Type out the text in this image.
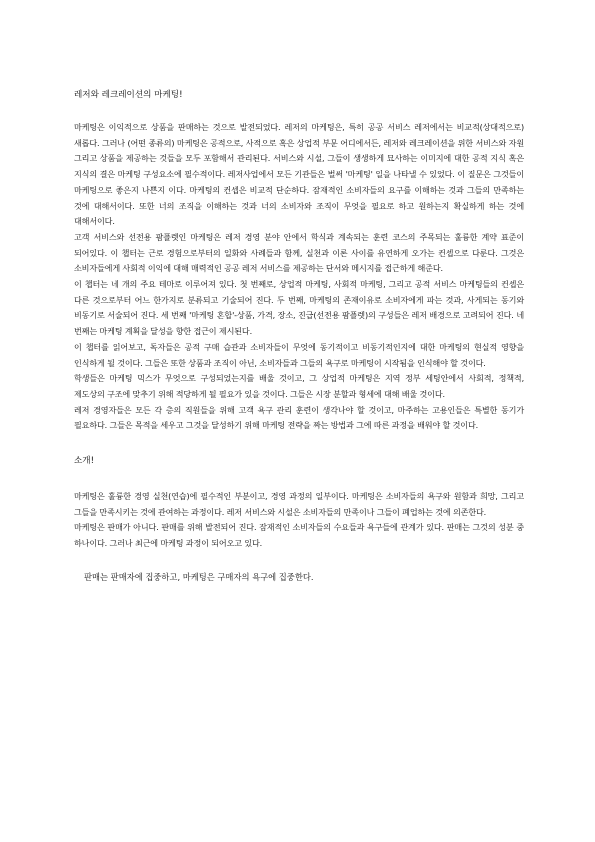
레저와 레크레이션의 마케팅!

마케팅은 이익적으로 상품을 판매하는 것으로 발전되었다. 레저의 마케팅은, 특히 공공 서비스 레저에서는 비교적(상대적으로) 새롭다. 그러나 (어떤 종류의) 마케팅은 공적으로, 사적으로 혹은 상업적 부문 어디에서든, 레저와 레크레이션을 위한 서비스와 자원 그리고 상품을 제공하는 것들을 모두 포함해서 관리된다. 서비스와 시설, 그들이 생생하게 묘사하는 이미지에 대한 공적 지식 혹은 지식의 결은 마케팅 구성요소에 필수적이다. 레저사업에서 모든 기관들은 벌써 '마케팅' 일을 나타낼 수 있었다. 이 질문은 그것들이 마케팅으로 좋은지 나쁜지 이다. 마케팅의 컨셉은 비교적 단순하다. 잠재적인 소비자들의 요구를 이해하는 것과 그들의 만족하는 것에 대해서이다. 또한 너의 조직을 이해하는 것과 너의 소비자와 조직이 무엇을 필요로 하고 원하는지 확실하게 하는 것에 대해서이다.

고객 서비스와 선전용 팜플렛인 마케팅은 레저 경영 분야 안에서 학식과 계속되는 훈련 코스의 주목되는 훌륭한 계약 표준이 되어있다. 이 챕터는 근로 경험으로부터의 일화와 사례들과 함께, 실천과 이론 사이를 유연하게 오가는 컨셉으로 다룬다. 그것은 소비자들에게 사회적 이익에 대해 매력적인 공공 레저 서비스를 제공하는 단서와 메시지를 접근하게 해준다.

이 챕터는 네 개의 주요 테마로 이루어져 있다. 첫 번째로, 상업적 마케팅, 사회적 마케팅, 그리고 공적 서비스 마케팅들의 컨셉은 다른 것으로부터 어느 한가지로 분류되고 기술되어 진다. 두 번째, 마케팅의 존재이유로 소비자에게 파는 것과, 사게되는 동기와 비동기로 서술되어 진다. 세 번째 '마케팅 혼합'-상품, 가격, 장소, 진급(선전용 팜플렛)의 구성들은 레저 배경으로 고려되어 진다. 네 번째는 마케팅 계획을 달성을 향한 접근이 제시된다.

이 챕터를 읽어보고, 독자들은 공적 구매 습관과 소비자들이 무엇에 동기적이고 비동기적인지에 대한 마케팅의 현실적 영향을 인식하게 될 것이다. 그들은 또한 상품과 조직이 아닌, 소비자들과 그들의 욕구로 마케팅이 시작됨을 인식해야 할 것이다.

학생들은 마케팅 믹스가 무엇으로 구성되었는지를 배울 것이고, 그 상업적 마케팅은 지역 정부 세팅안에서 사회적, 정책적, 제도상의 구조에 맞추기 위해 적당하게 될 필요가 있을 것이다. 그들은 시장 분할과 형세에 대해 배울 것이다.

레저 경영자들은 모든 각 층의 직원들을 위해 고객 욕구 관리 훈련이 생각나야 할 것이고, 마주하는 고용인들은 특별한 동기가 필요하다. 그들은 목적을 세우고 그것을 달성하기 위해 마케팅 전략을 짜는 방법과 그에 따른 과정을 배워야 할 것이다.

소개!

마케팅은 훌륭한 경영 실천(연습)에 필수적인 부분이고, 경영 과정의 일부이다. 마케팅은 소비자들의 욕구와 원함과 희망, 그리고 그들을 만족시키는 것에 관여하는 과정이다. 레저 서비스와 시설은 소비자들의 만족이나 그들이 폐업하는 것에 의존한다.

마케팅은 판매가 아니다. 판매를 위해 발전되어 진다. 잠재적인 소비자들의 수요들과 욕구들에 관계가 있다. 판매는 그것의 성분 중 하나이다. 그러나 최근에 마케팅 과정이 되어오고 있다.

판매는 판매자에 집중하고, 마케팅은 구매자의 욕구에 집중한다.
